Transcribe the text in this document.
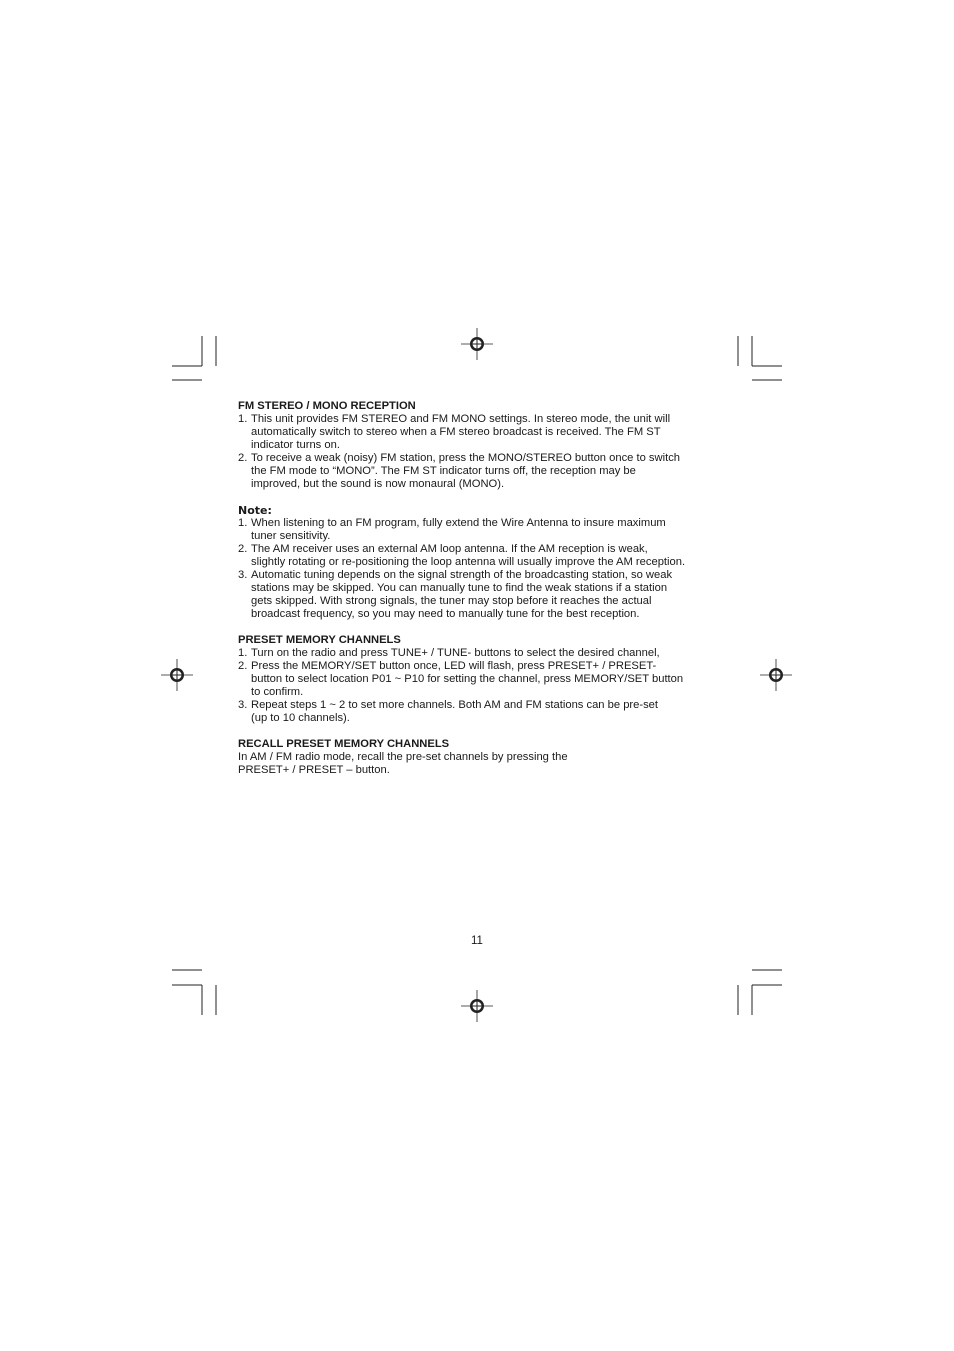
FM STEREO / MONO RECEPTION

1. This unit provides FM STEREO and FM MONO settings. In stereo mode, the unit will
automatically switch to stereo when a FM stereo broadcast is received. The FM ST
indicator turns on.
2. To receive a weak (noisy) FM station, press the MONO/STEREO button once to switch
the FM mode to “MONO”. The FM ST indicator turns off, the reception may be
improved, but the sound is now monaural (MONO).

Note:

1. When listening to an FM program, fully extend the Wire Antenna to insure maximum
tuner sensitivity.
2. The AM receiver uses an external AM loop antenna. If the AM reception is weak,
slightly rotating or re-positioning the loop antenna will usually improve the AM reception.
3. Automatic tuning depends on the signal strength of the broadcasting station, so weak
stations may be skipped. You can manually tune to find the weak stations if a station
gets skipped. With strong signals, the tuner may stop before it reaches the actual
broadcast frequency, so you may need to manually tune for the best reception.

PRESET MEMORY CHANNELS

1. Turn on the radio and press TUNE+ / TUNE- buttons to select the desired channel,
2. Press the MEMORY/SET button once, LED will flash, press PRESET+ / PRESET-
button to select location P01 ~ P10 for setting the channel, press MEMORY/SET button
to confirm.
3. Repeat steps 1 ~ 2 to set more channels. Both AM and FM stations can be pre-set
(up to 10 channels).

RECALL PRESET MEMORY CHANNELS

In AM / FM radio mode, recall the pre-set channels by pressing the

PRESET+ / PRESET – button.

11
